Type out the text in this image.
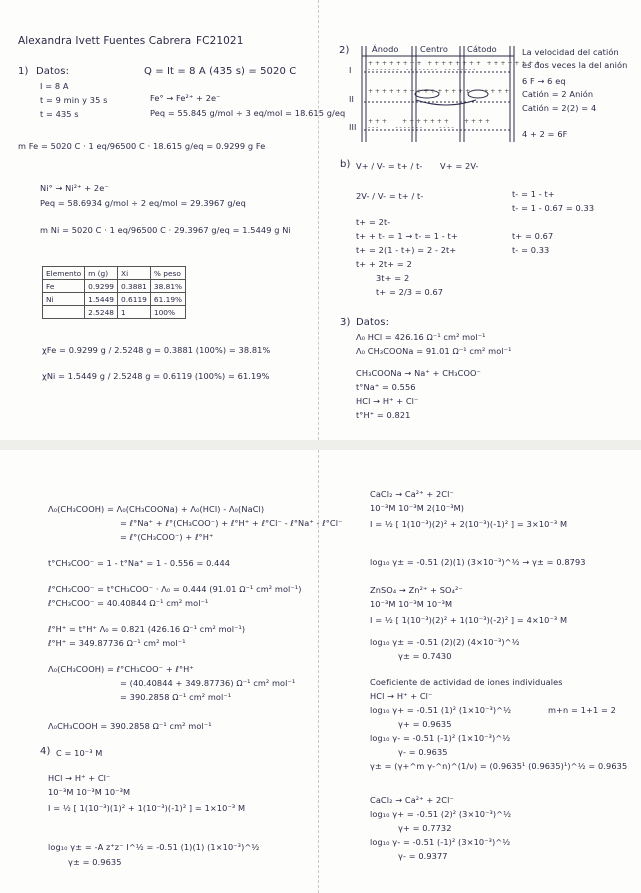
Alexandra Ivett Fuentes Cabrera FC21021
1) Datos:
I = 8 A
t = 9 min y 35 s
t = 435 s
Q = It = 8 A (435 s) = 5020 C
Fe° → Fe²⁺ + 2e⁻
Peq = 55.845 g/mol ÷ 3 eq/mol = 18.615 g/eq
m Fe = 5020 C · 1 eq/96500 C · 18.615 g/eq = 0.9299 g Fe
Ni° → Ni²⁺ + 2e⁻
Peq = 58.6934 g/mol ÷ 2 eq/mol = 29.3967 g/eq
m Ni = 5020 C · 1 eq/96500 C · 29.3967 g/eq = 1.5449 g Ni
Elemento	m (g)	Xi	% peso
Fe	0.9299	0.3881	38.81%
Ni	1.5449	0.6119	61.19%
	2.5248	1	100%
χFe = 0.9299 g / 2.5248 g = 0.3881 (100%) = 38.81%
χNi = 1.5449 g / 2.5248 g = 0.6119 (100%) = 61.19%
2)	Ánodo	Centro Cátodo
I
II
III
+ + + + + + + +   + + + + + + + +   + + + + + + + +
- - - - - - - -    - - - - - - - -    - - - - - - - -
+ + + + + + + + + + + + + + +       + + + +
+ + +        + + + + + + +        + + + +
- - -         - - - - - - -         - - - -
La velocidad del catión
es dos veces la del anión
6 F → 6 eq
Catión = 2 Anión
Catión = 2(2) = 4
4 + 2 = 6F
b) V+ / V- = t+ / t- V+ = 2V-
2V- / V- = t+ / t-
t+ = 2t-
t+ + t- = 1 → t- = 1 - t+
t+ = 2(1 - t+) = 2 - 2t+
t+ + 2t+ = 2
3t+ = 2
t+ = 2/3 = 0.67
t- = 1 - t+
t- = 1 - 0.67 = 0.33
t+ = 0.67
t- = 0.33
3) Datos:
Λ₀ HCl = 426.16 Ω⁻¹ cm² mol⁻¹
Λ₀ CH₃COONa = 91.01 Ω⁻¹ cm² mol⁻¹
CH₃COONa → Na⁺ + CH₃COO⁻
t°Na⁺ = 0.556
HCl → H⁺ + Cl⁻
t°H⁺ = 0.821
Λ₀(CH₃COOH) = Λ₀(CH₃COONa) + Λ₀(HCl) - Λ₀(NaCl)
= ℓ°Na⁺ + ℓ°(CH₃COO⁻) + ℓ°H⁺ + ℓ°Cl⁻ - ℓ°Na⁺ - ℓ°Cl⁻
= ℓ°(CH₃COO⁻) + ℓ°H⁺
t°CH₃COO⁻ = 1 - t°Na⁺ = 1 - 0.556 = 0.444
ℓ°CH₃COO⁻ = t°CH₃COO⁻ · Λ₀ = 0.444 (91.01 Ω⁻¹ cm² mol⁻¹)
ℓ°CH₃COO⁻ = 40.40844 Ω⁻¹ cm² mol⁻¹
ℓ°H⁺ = t°H⁺ Λ₀ = 0.821 (426.16 Ω⁻¹ cm² mol⁻¹)
ℓ°H⁺ = 349.87736 Ω⁻¹ cm² mol⁻¹
Λ₀(CH₃COOH) = ℓ°CH₃COO⁻ + ℓ°H⁺
= (40.40844 + 349.87736) Ω⁻¹ cm² mol⁻¹
= 390.2858 Ω⁻¹ cm² mol⁻¹
Λ₀CH₃COOH = 390.2858 Ω⁻¹ cm² mol⁻¹
4) C = 10⁻³ M
HCl → H⁺ + Cl⁻
10⁻³M 10⁻³M 10⁻³M
I = ½ [ 1(10⁻³)(1)² + 1(10⁻³)(-1)² ] = 1×10⁻³ M
log₁₀ γ± = -A z⁺z⁻ I^½ = -0.51 (1)(1) (1×10⁻³)^½
γ± = 0.9635
CaCl₂ → Ca²⁺ + 2Cl⁻
10⁻³M 10⁻³M 2(10⁻³M)
I = ½ [ 1(10⁻³)(2)² + 2(10⁻³)(-1)² ] = 3×10⁻³ M
log₁₀ γ± = -0.51 (2)(1) (3×10⁻³)^½ → γ± = 0.8793
ZnSO₄ → Zn²⁺ + SO₄²⁻
10⁻³M 10⁻³M 10⁻³M
I = ½ [ 1(10⁻³)(2)² + 1(10⁻³)(-2)² ] = 4×10⁻³ M
log₁₀ γ± = -0.51 (2)(2) (4×10⁻³)^½
γ± = 0.7430
Coeficiente de actividad de iones individuales
HCl → H⁺ + Cl⁻
log₁₀ γ+ = -0.51 (1)² (1×10⁻³)^½
γ+ = 0.9635
m+n = 1+1 = 2
log₁₀ γ- = -0.51 (-1)² (1×10⁻³)^½
γ- = 0.9635
γ± = (γ+^m γ-^n)^(1/ν) = (0.9635¹ (0.9635)¹)^½ = 0.9635
CaCl₂ → Ca²⁺ + 2Cl⁻
log₁₀ γ+ = -0.51 (2)² (3×10⁻³)^½
γ+ = 0.7732
log₁₀ γ- = -0.51 (-1)² (3×10⁻³)^½
γ- = 0.9377
